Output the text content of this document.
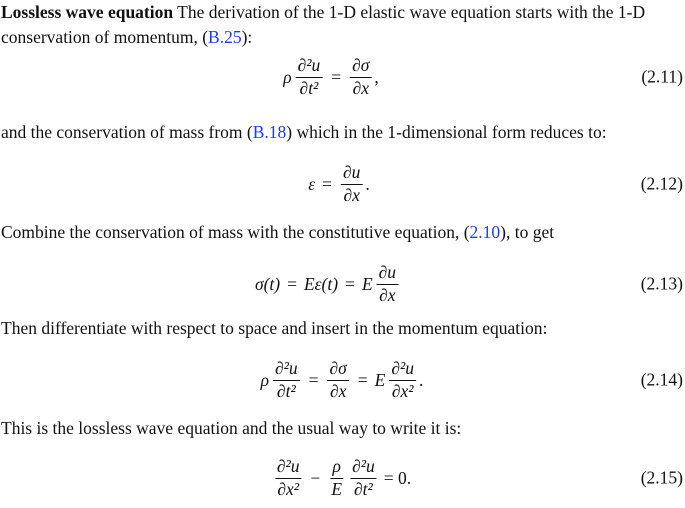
Lossless wave equation The derivation of the 1-D elastic wave equation starts with the 1-D
conservation of momentum, (B.25):
ρ $\frac{\text{∂²u}}{\text{∂t²}} = \frac{\partial\sigma}{\partial x}$ ,	(2.11)
and the conservation of mass from (B.18) which in the 1-dimensional form reduces to:
$\varepsilon = \frac{\partial u}{\partial x}$ .	(2.12)
Combine the conservation of mass with the constitutive equation, (2.10), to get
σ(t) = Eε(t) = E $\frac{\partial u}{\partial x}$	(2.13)
Then differentiate with respect to space and insert in the momentum equation:
ρ $\frac{\text{∂²u}}{\text{∂t²}} = \frac{\partial\sigma}{\partial x} = E \frac{\text{∂²u}}{\text{∂x²}}$ .	(2.14)
This is the lossless wave equation and the usual way to write it is:
$\frac{\text{∂²u}}{\text{∂x²}} - \frac{\rho}{E} \frac{\text{∂²u}}{\text{∂t²}} = 0$.	(2.15)
